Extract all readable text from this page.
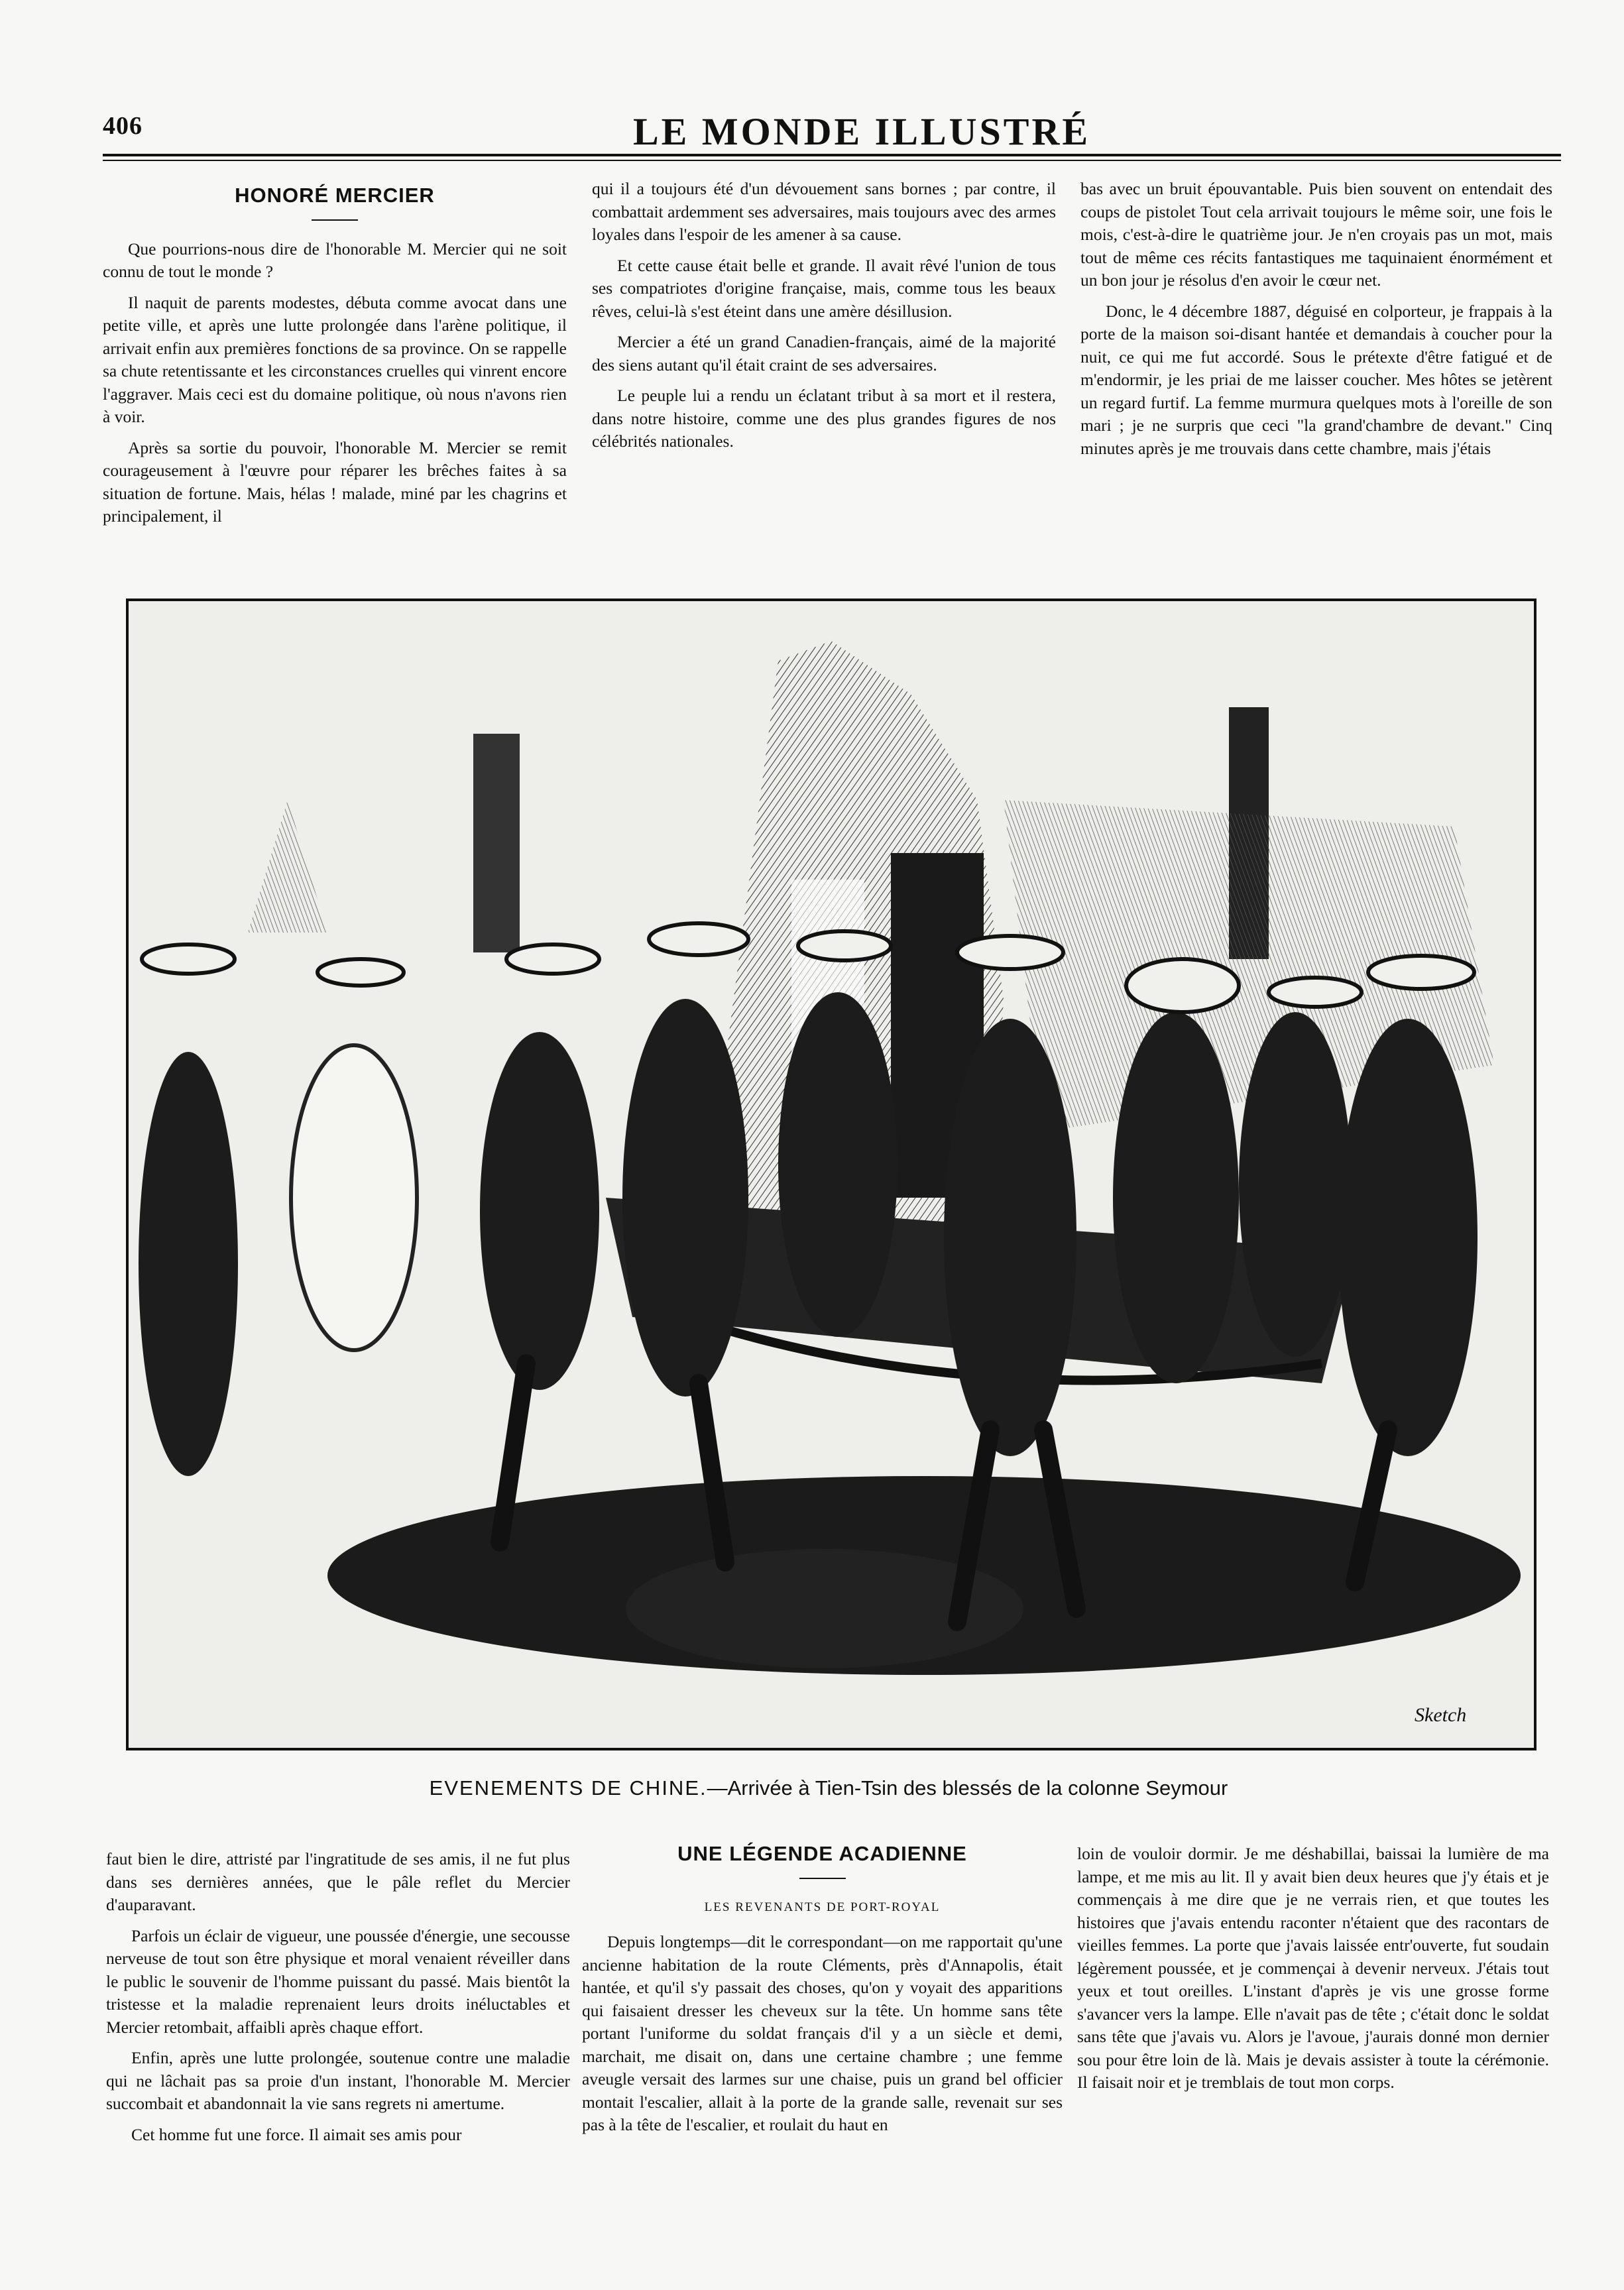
406	LE MONDE ILLUSTRÉ
HONORÉ MERCIER

Que pourrions-nous dire de l'honorable M. Mercier qui ne soit connu de tout le monde ?

Il naquit de parents modestes, débuta comme avocat dans une petite ville, et après une lutte prolongée dans l'arène politique, il arrivait enfin aux premières fonctions de sa province. On se rappelle sa chute retentissante et les circonstances cruelles qui vinrent encore l'aggraver. Mais ceci est du domaine politique, où nous n'avons rien à voir.

Après sa sortie du pouvoir, l'honorable M. Mercier se remit courageusement à l'œuvre pour réparer les brêches faites à sa situation de fortune. Mais, hélas ! malade, miné par les chagrins et principalement, il

qui il a toujours été d'un dévouement sans bornes ; par contre, il combattait ardemment ses adversaires, mais toujours avec des armes loyales dans l'espoir de les amener à sa cause.

Et cette cause était belle et grande. Il avait rêvé l'union de tous ses compatriotes d'origine française, mais, comme tous les beaux rêves, celui-là s'est éteint dans une amère désillusion.

Mercier a été un grand Canadien-français, aimé de la majorité des siens autant qu'il était craint de ses adversaires.

Le peuple lui a rendu un éclatant tribut à sa mort et il restera, dans notre histoire, comme une des plus grandes figures de nos célébrités nationales.

bas avec un bruit épouvantable. Puis bien souvent on entendait des coups de pistolet Tout cela arrivait toujours le même soir, une fois le mois, c'est-à-dire le quatrième jour. Je n'en croyais pas un mot, mais tout de même ces récits fantastiques me taquinaient énormément et un bon jour je résolus d'en avoir le cœur net.

Donc, le 4 décembre 1887, déguisé en colporteur, je frappais à la porte de la maison soi-disant hantée et demandais à coucher pour la nuit, ce qui me fut accordé. Sous le prétexte d'être fatigué et de m'endormir, je les priai de me laisser coucher. Mes hôtes se jetèrent un regard furtif. La femme murmura quelques mots à l'oreille de son mari ; je ne surpris que ceci "la grand'chambre de devant." Cinq minutes après je me trouvais dans cette chambre, mais j'étais

Sketch
EVENEMENTS DE CHINE.—Arrivée à Tien-Tsin des blessés de la colonne Seymour

faut bien le dire, attristé par l'ingratitude de ses amis, il ne fut plus dans ses dernières années, que le pâle reflet du Mercier d'auparavant.

Parfois un éclair de vigueur, une poussée d'énergie, une secousse nerveuse de tout son être physique et moral venaient réveiller dans le public le souvenir de l'homme puissant du passé. Mais bientôt la tristesse et la maladie reprenaient leurs droits inéluctables et Mercier retombait, affaibli après chaque effort.

Enfin, après une lutte prolongée, soutenue contre une maladie qui ne lâchait pas sa proie d'un instant, l'honorable M. Mercier succombait et abandonnait la vie sans regrets ni amertume.

Cet homme fut une force. Il aimait ses amis pour

UNE LÉGENDE ACADIENNE
LES REVENANTS DE PORT-ROYAL

Depuis longtemps—dit le correspondant—on me rapportait qu'une ancienne habitation de la route Cléments, près d'Annapolis, était hantée, et qu'il s'y passait des choses, qu'on y voyait des apparitions qui faisaient dresser les cheveux sur la tête. Un homme sans tête portant l'uniforme du soldat français d'il y a un siècle et demi, marchait, me disait on, dans une certaine chambre ; une femme aveugle versait des larmes sur une chaise, puis un grand bel officier montait l'escalier, allait à la porte de la grande salle, revenait sur ses pas à la tête de l'escalier, et roulait du haut en

loin de vouloir dormir. Je me déshabillai, baissai la lumière de ma lampe, et me mis au lit. Il y avait bien deux heures que j'y étais et je commençais à me dire que je ne verrais rien, et que toutes les histoires que j'avais entendu raconter n'étaient que des racontars de vieilles femmes. La porte que j'avais laissée entr'ouverte, fut soudain légèrement poussée, et je commençai à devenir nerveux. J'étais tout yeux et tout oreilles. L'instant d'après je vis une grosse forme s'avancer vers la lampe. Elle n'avait pas de tête ; c'était donc le soldat sans tête que j'avais vu. Alors je l'avoue, j'aurais donné mon dernier sou pour être loin de là. Mais je devais assister à toute la cérémonie. Il faisait noir et je tremblais de tout mon corps.
